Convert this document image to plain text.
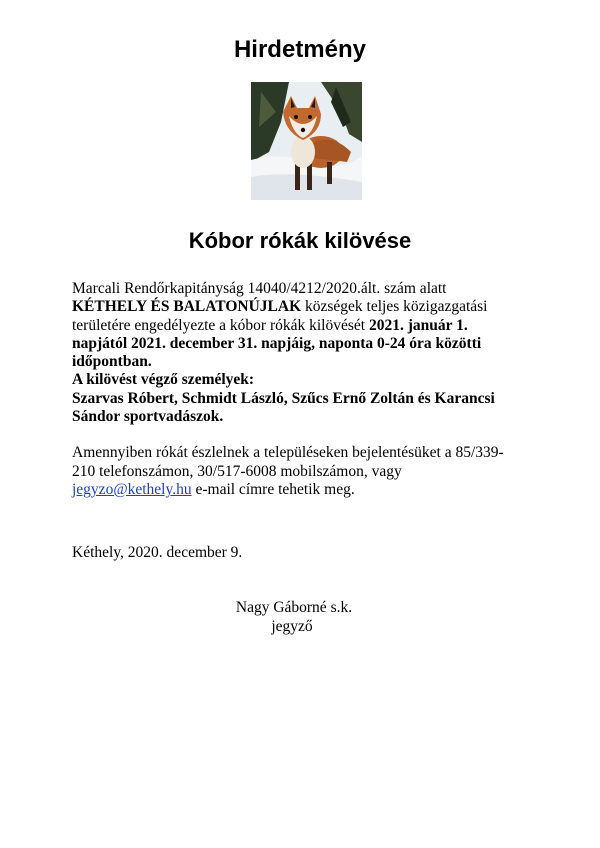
Hirdetmény
Kóbor rókák kilövése

Marcali Rendőrkapitányság 14040/4212/2020.ált. szám alatt
KÉTHELY ÉS BALATONÚJLAK községek teljes közigazgatási
területére engedélyezte a kóbor rókák kilövését 2021. január 1.
napjától 2021. december 31. napjáig, naponta 0-24 óra közötti
időpontban.
A kilövést végző személyek:
Szarvas Róbert, Schmidt László, Szűcs Ernő Zoltán és Karancsi
Sándor sportvadászok.

Amennyiben rókát észlelnek a településeken bejelentésüket a 85/339-
210 telefonszámon, 30/517-6008 mobilszámon, vagy
jegyzo@kethely.hu e-mail címre tehetik meg.

Kéthely, 2020. december 9.
Nagy Gáborné s.k.
jegyző
